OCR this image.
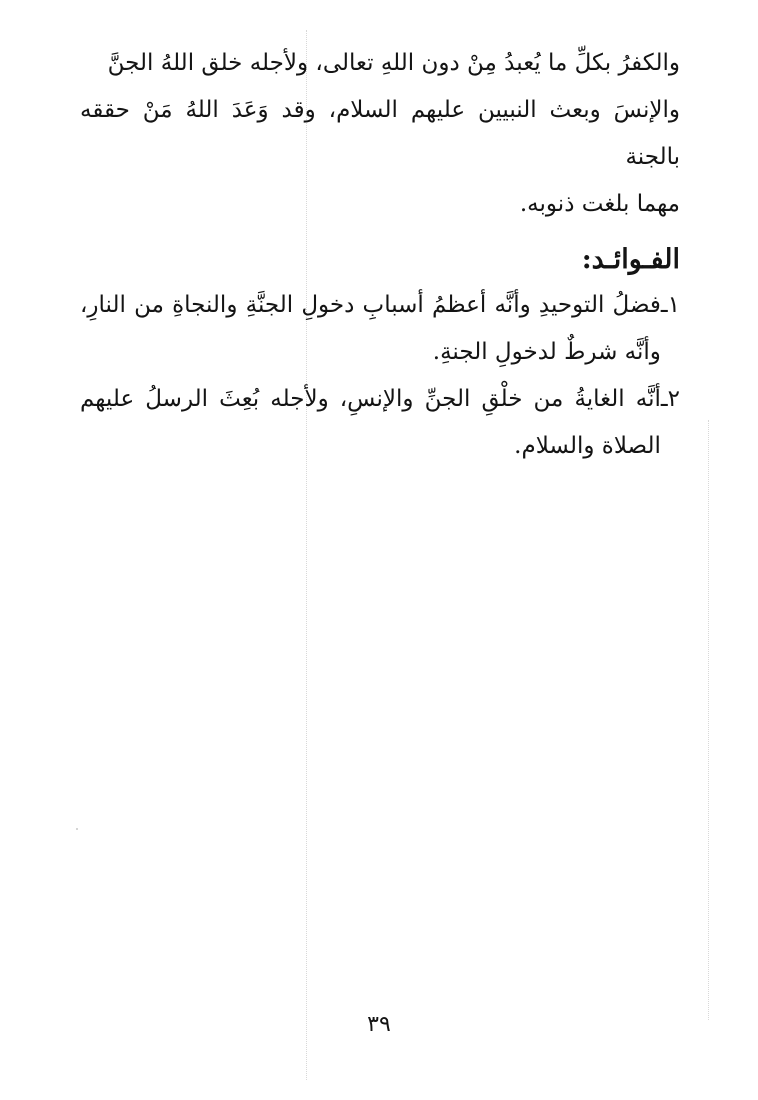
والكفرُ بكلِّ ما يُعبدُ مِنْ دون اللهِ تعالى، ولأجله خلق اللهُ الجنَّ

والإنسَ وبعث النبيين عليهم السلام، وقد وَعَدَ اللهُ مَنْ حققه بالجنة

مهما بلغت ذنوبه.

الفـوائـد:
١ـ
فضلُ التوحيدِ وأنَّه أعظمُ أسبابِ دخولِ الجنَّةِ والنجاةِ من النارِ، وأنَّه شرطٌ لدخولِ الجنةِ.
٢ـ
أنَّه الغايةُ من خلْقِ الجنِّ والإنسِ، ولأجله بُعِثَ الرسلُ عليهم الصلاة والسلام.
٣٩
